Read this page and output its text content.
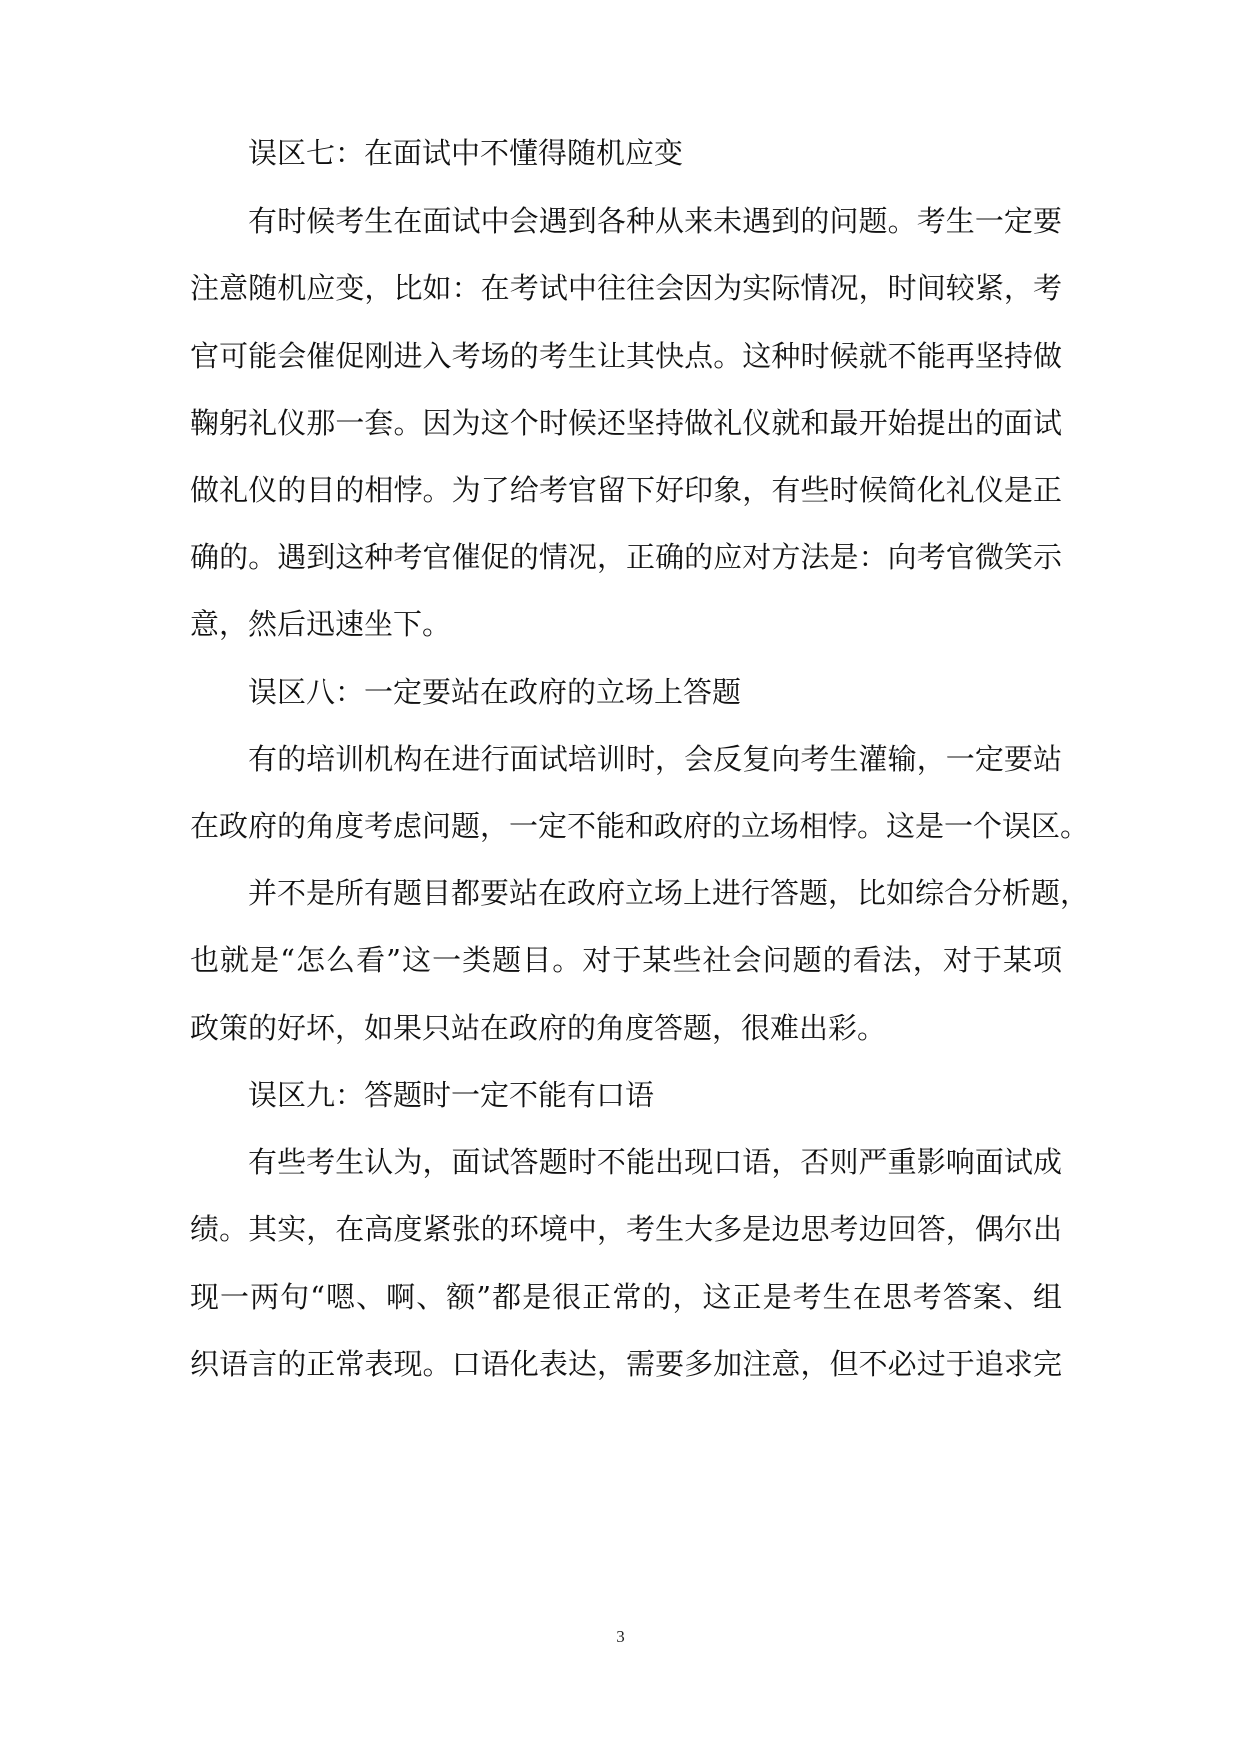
误区七：在面试中不懂得随机应变
有时候考生在面试中会遇到各种从来未遇到的问题。考生一定要
注意随机应变，比如：在考试中往往会因为实际情况，时间较紧，考
官可能会催促刚进入考场的考生让其快点。这种时候就不能再坚持做
鞠躬礼仪那一套。因为这个时候还坚持做礼仪就和最开始提出的面试
做礼仪的目的相悖。为了给考官留下好印象，有些时候简化礼仪是正
确的。遇到这种考官催促的情况，正确的应对方法是：向考官微笑示
意，然后迅速坐下。
误区八：一定要站在政府的立场上答题
有的培训机构在进行面试培训时，会反复向考生灌输，一定要站
在政府的角度考虑问题，一定不能和政府的立场相悖。这是一个误区。
并不是所有题目都要站在政府立场上进行答题，比如综合分析题，
也就是“怎么看”这一类题目。对于某些社会问题的看法，对于某项
政策的好坏，如果只站在政府的角度答题，很难出彩。
误区九：答题时一定不能有口语
有些考生认为，面试答题时不能出现口语，否则严重影响面试成
绩。其实，在高度紧张的环境中，考生大多是边思考边回答，偶尔出
现一两句“嗯、啊、额”都是很正常的，这正是考生在思考答案、组
织语言的正常表现。口语化表达，需要多加注意，但不必过于追求完
3
